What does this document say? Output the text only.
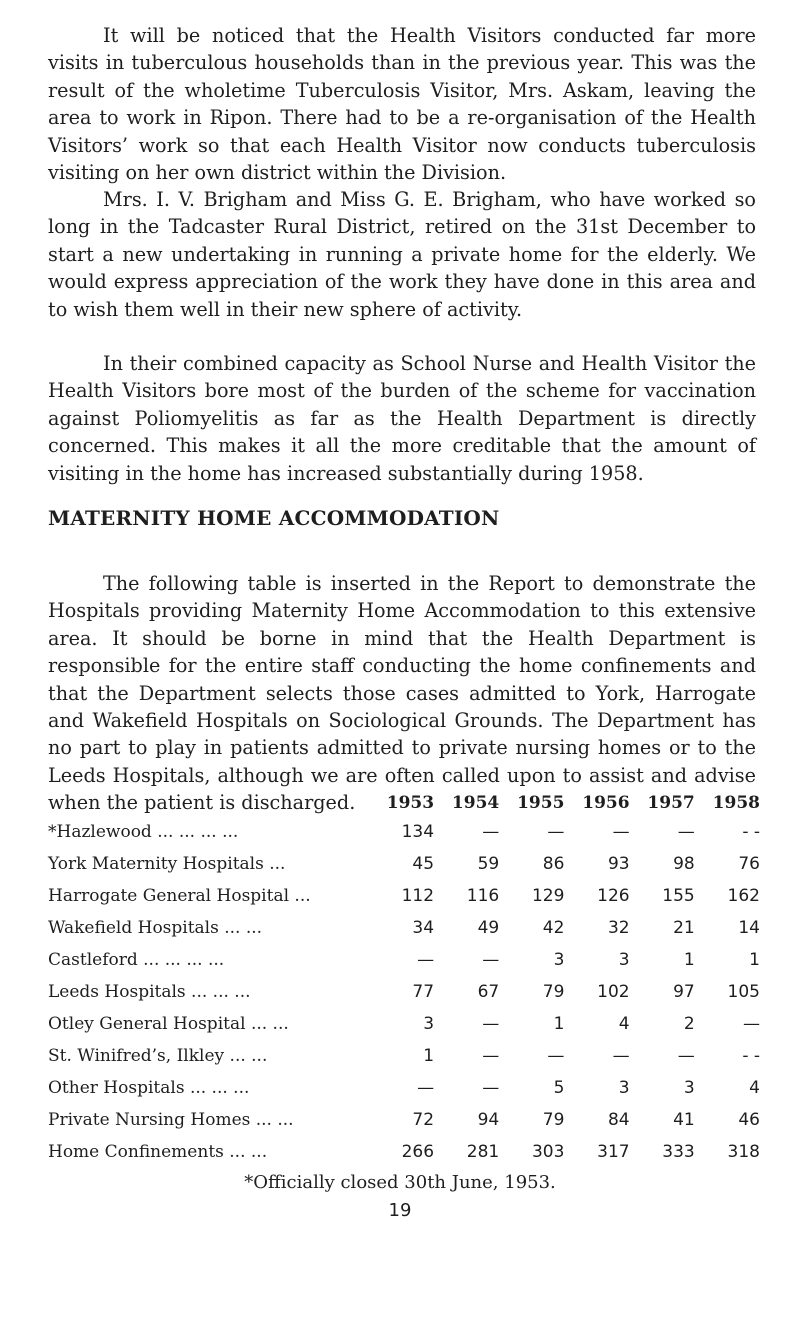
It will be noticed that the Health Visitors conducted far more visits in tuberculous households than in the previous year. This was the result of the wholetime Tuberculosis Visitor, Mrs. Askam, leaving the area to work in Ripon. There had to be a re-organisation of the Health Visitors’ work so that each Health Visitor now conducts tuberculosis visiting on her own district within the Division.

Mrs. I. V. Brigham and Miss G. E. Brigham, who have worked so long in the Tadcaster Rural District, retired on the 31st December to start a new undertaking in running a private home for the elderly. We would express appreciation of the work they have done in this area and to wish them well in their new sphere of activity.

In their combined capacity as School Nurse and Health Visitor the Health Visitors bore most of the burden of the scheme for vaccination against Poliomyelitis as far as the Health Department is directly concerned. This makes it all the more creditable that the amount of visiting in the home has increased substantially during 1958.

MATERNITY HOME ACCOMMODATION

The following table is inserted in the Report to demonstrate the Hospitals providing Maternity Home Accommodation to this extensive area. It should be borne in mind that the Health Department is responsible for the entire staff conducting the home confinements and that the Department selects those cases admitted to York, Harrogate and Wakefield Hospitals on Sociological Grounds. The Department has no part to play in patients admitted to private nursing homes or to the Leeds Hospitals, although we are often called upon to assist and advise when the patient is discharged.

		1953	1954	1955	1956	1957	1958
*Hazlewood ... ... ... ...	134	—	—	—	—	- -
York Maternity Hospitals ...	45	59	86	93	98	76
Harrogate General Hospital ...	112	116	129	126	155	162
Wakefield Hospitals ... ...	34	49	42	32	21	14
Castleford ... ... ... ...	—	—	3	3	1	1
Leeds Hospitals ... ... ...	77	67	79	102	97	105
Otley General Hospital ... ...	3	—	1	4	2	—
St. Winifred’s, Ilkley ... ...	1	—	—	—	—	- -
Other Hospitals ... ... ...	—	—	5	3	3	4
Private Nursing Homes ... ...	72	94	79	84	41	46
Home Confinements ... ...	266	281	303	317	333	318

*Officially closed 30th June, 1953.

19
